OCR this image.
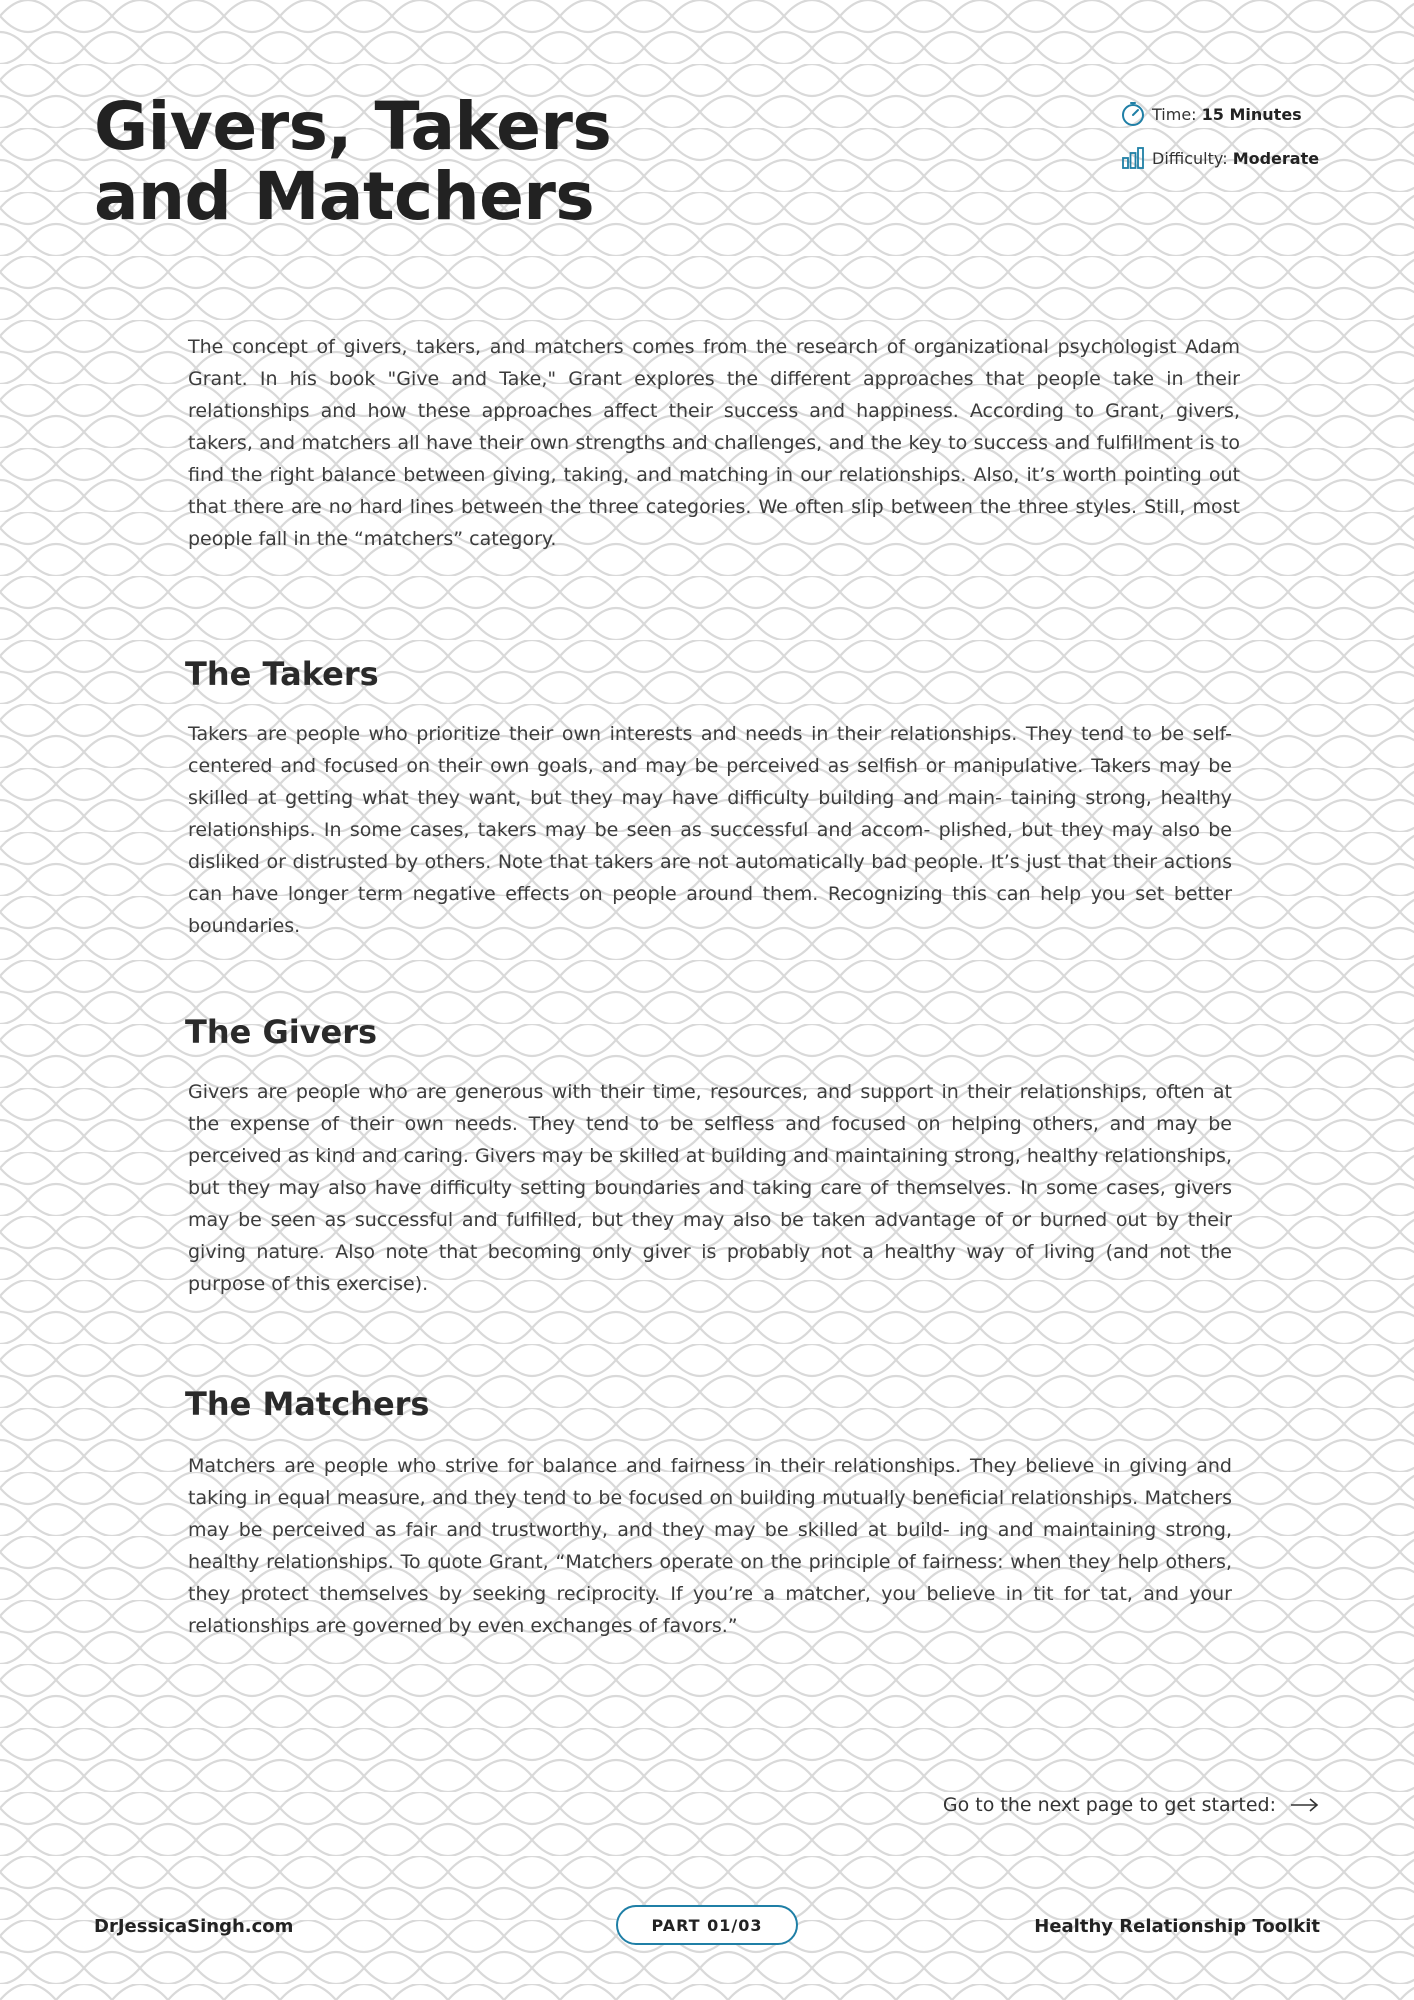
Givers, Takers
and Matchers
Time:
15 Minutes
Difficulty:
Moderate

The concept of givers, takers, and matchers comes from the research of organizational psychologist Adam Grant. In his book "Give and Take," Grant explores the different approaches that people take in their relationships and how these approaches affect their success and happiness. According to Grant, givers, takers, and matchers all have their own strengths and challenges, and the key to success and fulfillment is to find the right balance between giving, taking, and matching in our relationships. Also, it’s worth pointing out that there are no hard lines between the three categories. We often slip between the three styles. Still, most people fall in the “matchers” category.

The Takers

Takers are people who prioritize their own interests and needs in their relationships. They tend to be self-centered and focused on their own goals, and may be perceived as selfish or manipulative. Takers may be skilled at getting what they want, but they may have difficulty building and main- taining strong, healthy relationships. In some cases, takers may be seen as successful and accom- plished, but they may also be disliked or distrusted by others. Note that takers are not automatically bad people. It’s just that their actions can have longer term negative effects on people around them. Recognizing this can help you set better boundaries.

The Givers

Givers are people who are generous with their time, resources, and support in their relationships, often at the expense of their own needs. They tend to be selfless and focused on helping others, and may be perceived as kind and caring. Givers may be skilled at building and maintaining strong, healthy relationships, but they may also have difficulty setting boundaries and taking care of themselves. In some cases, givers may be seen as successful and fulfilled, but they may also be taken advantage of or burned out by their giving nature. Also note that becoming only giver is probably not a healthy way of living (and not the purpose of this exercise).

The Matchers

Matchers are people who strive for balance and fairness in their relationships. They believe in giving and taking in equal measure, and they tend to be focused on building mutually beneficial relationships. Matchers may be perceived as fair and trustworthy, and they may be skilled at build- ing and maintaining strong, healthy relationships. To quote Grant, “Matchers operate on the principle of fairness: when they help others, they protect themselves by seeking reciprocity. If you’re a matcher, you believe in tit for tat, and your relationships are governed by even exchanges of favors.”

Go to the next page to get started:
DrJessicaSingh.com	PART 01/03	Healthy Relationship Toolkit
